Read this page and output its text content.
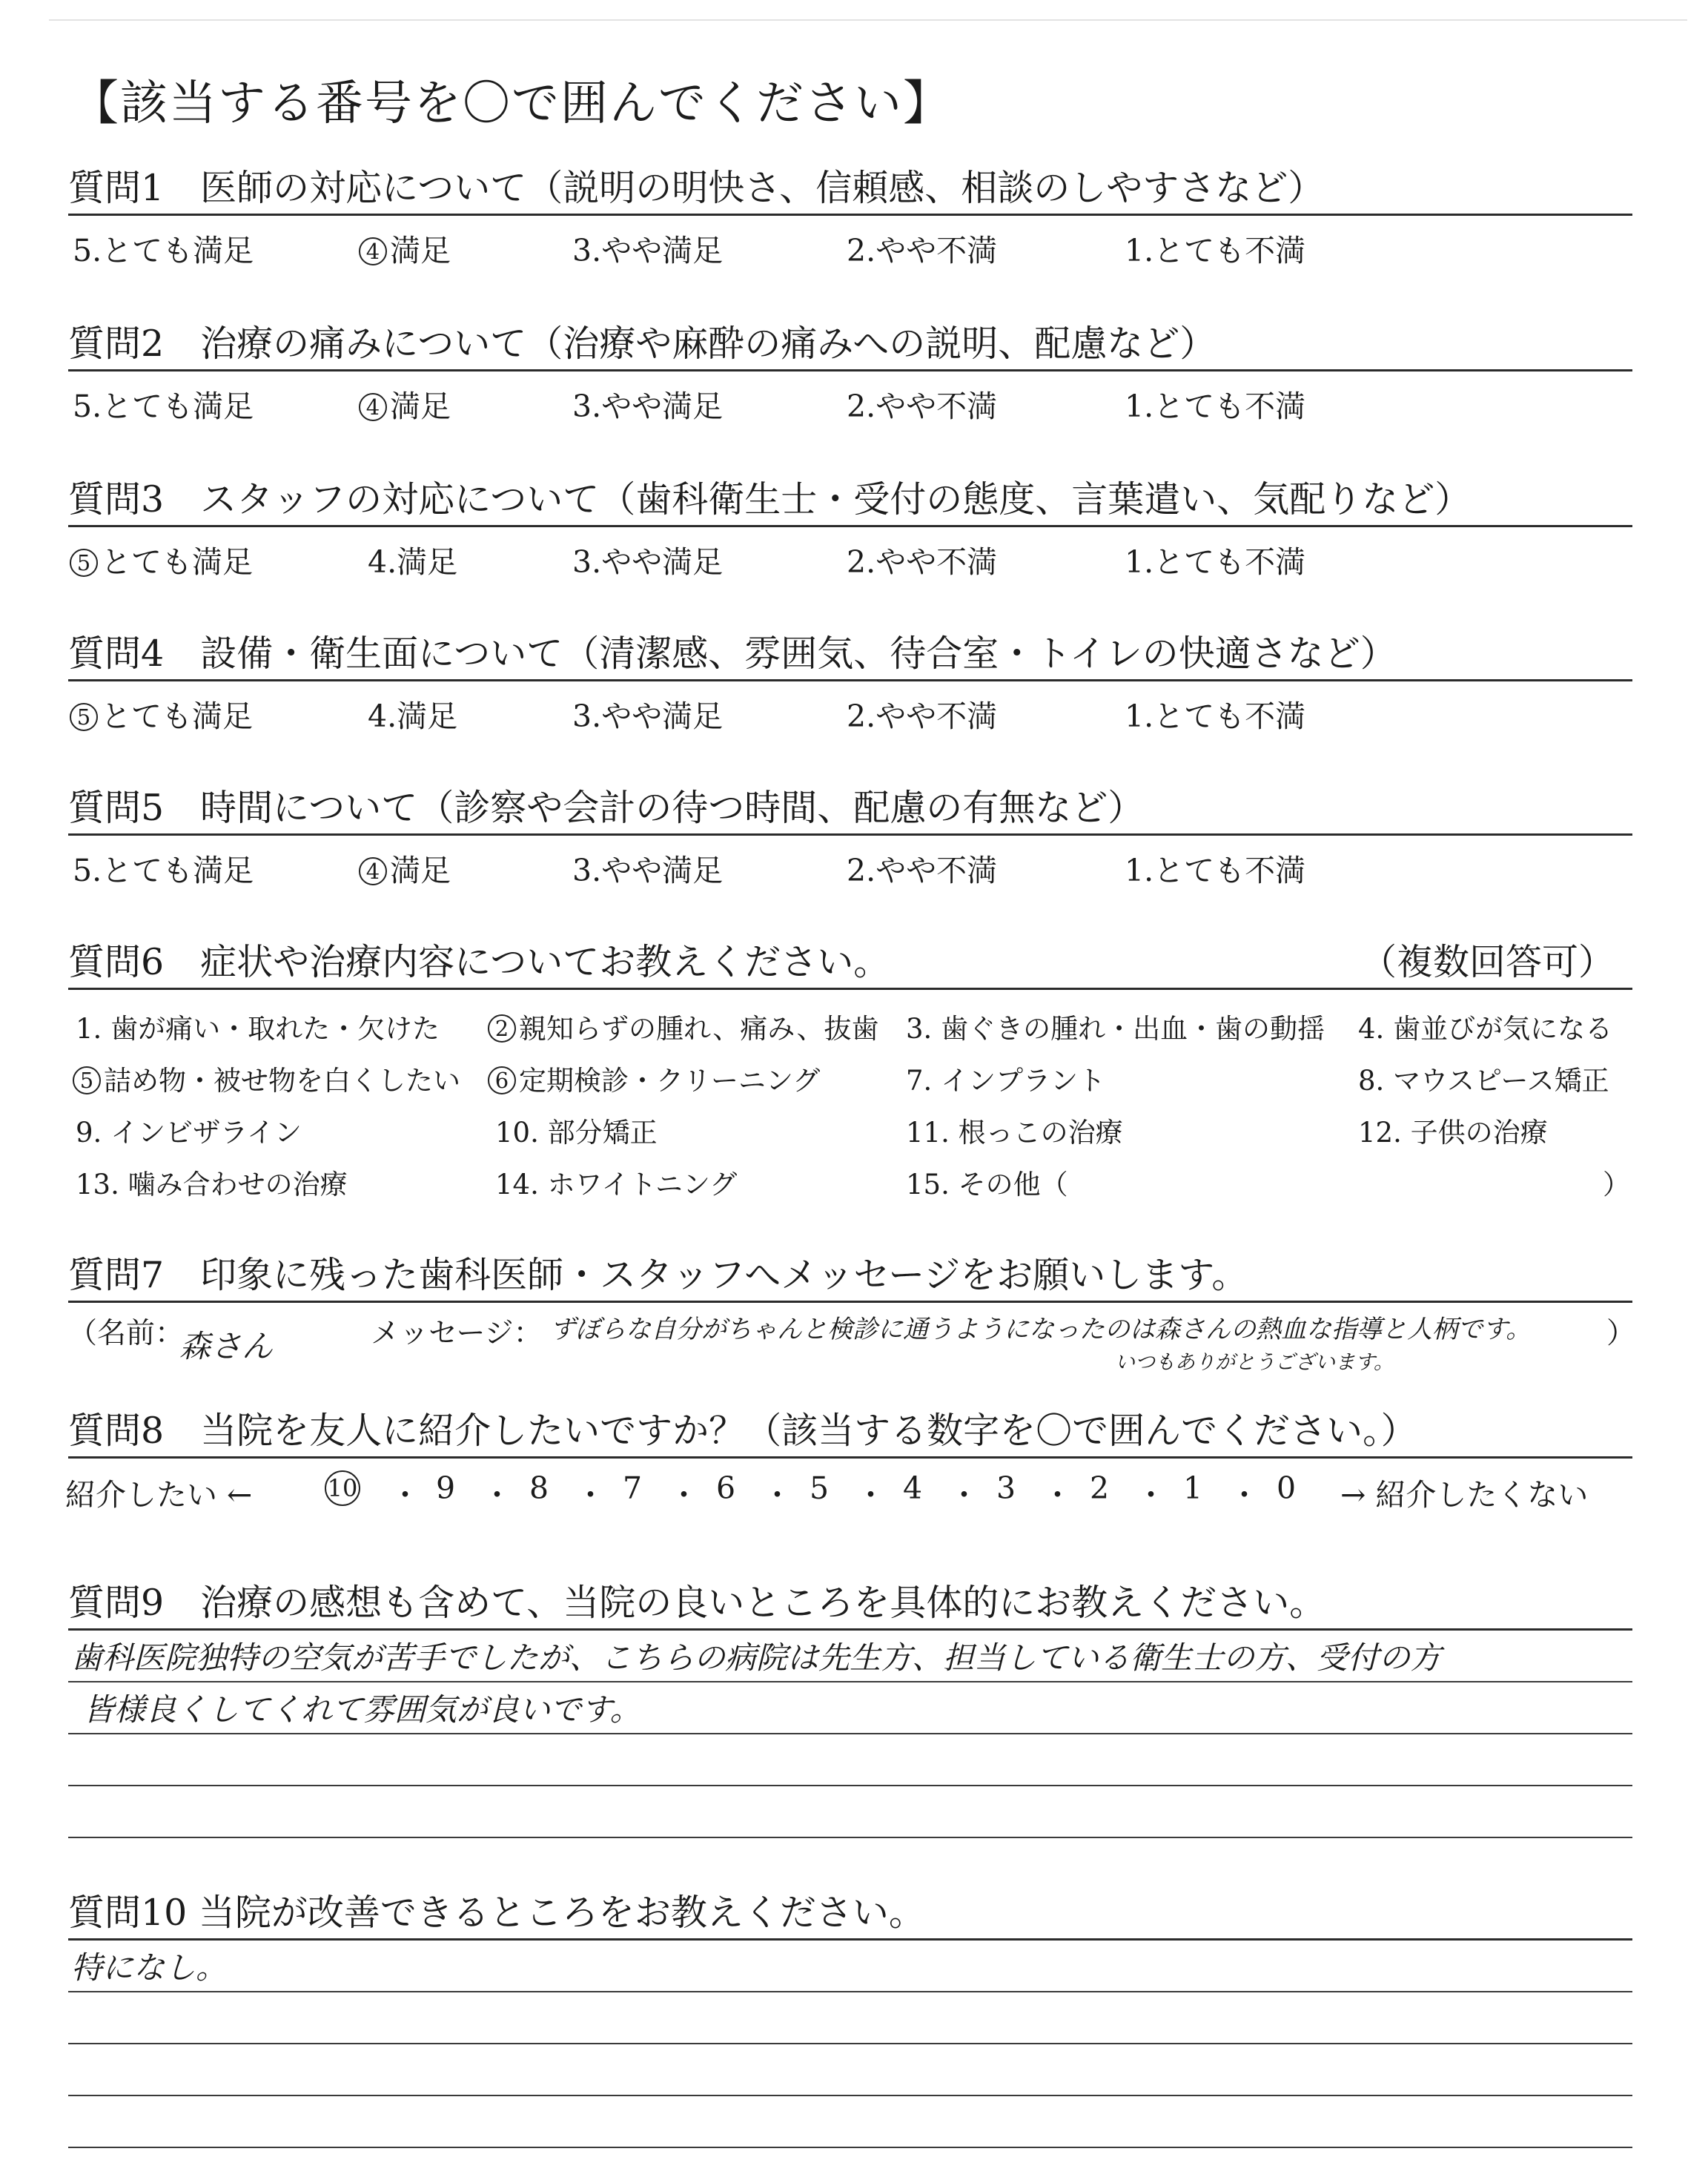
【該当する番号を〇で囲んでください】
質問1　医師の対応について（説明の明快さ、信頼感、相談のしやすさなど）
5.とても満足	4 満足	3.やや満足	2.やや不満	1.とても不満
質問2　治療の痛みについて（治療や麻酔の痛みへの説明、配慮など）
5.とても満足	4 満足	3.やや満足	2.やや不満	1.とても不満
質問3　スタッフの対応について（歯科衛生士・受付の態度、言葉遣い、気配りなど）
5 とても満足	4.満足	3.やや満足	2.やや不満	1.とても不満
質問4　設備・衛生面について（清潔感、雰囲気、待合室・トイレの快適さなど）
5 とても満足	4.満足	3.やや満足	2.やや不満	1.とても不満
質問5　時間について（診察や会計の待つ時間、配慮の有無など）
5.とても満足	4 満足	3.やや満足	2.やや不満	1.とても不満
質問6　症状や治療内容についてお教えください。	（複数回答可）
1. 歯が痛い・取れた・欠けた	2 親知らずの腫れ、痛み、抜歯 3. 歯ぐきの腫れ・出血・歯の動揺 4. 歯並びが気になる
5 詰め物・被せ物を白くしたい	6 定期検診・クリーニング	7. インプラント	8. マウスピース矯正
9. インビザライン	10. 部分矯正	11. 根っこの治療	12. 子供の治療
13. 噛み合わせの治療	14. ホワイトニング	15. その他（	）
質問7　印象に残った歯科医師・スタッフへメッセージをお願いします。
（名前：
森さん	メッセージ： ずぼらな自分がちゃんと検診に通うようになったのは森さんの熱血な指導と人柄です。
いつもありがとうございます。
）
質問8　当院を友人に紹介したいですか？（該当する数字を〇で囲んでください。）
紹介したい ←	10 ・ 9 ・ 8 ・ 7 ・ 6 ・ 5 ・ 4 ・ 3 ・ 2 ・ 1 ・ 0 → 紹介したくない
質問9　治療の感想も含めて、当院の良いところを具体的にお教えください。
歯科医院独特の空気が苦手でしたが、こちらの病院は先生方、担当している衛生士の方、受付の方
皆様良くしてくれて雰囲気が良いです。
質問10 当院が改善できるところをお教えください。
特になし。
